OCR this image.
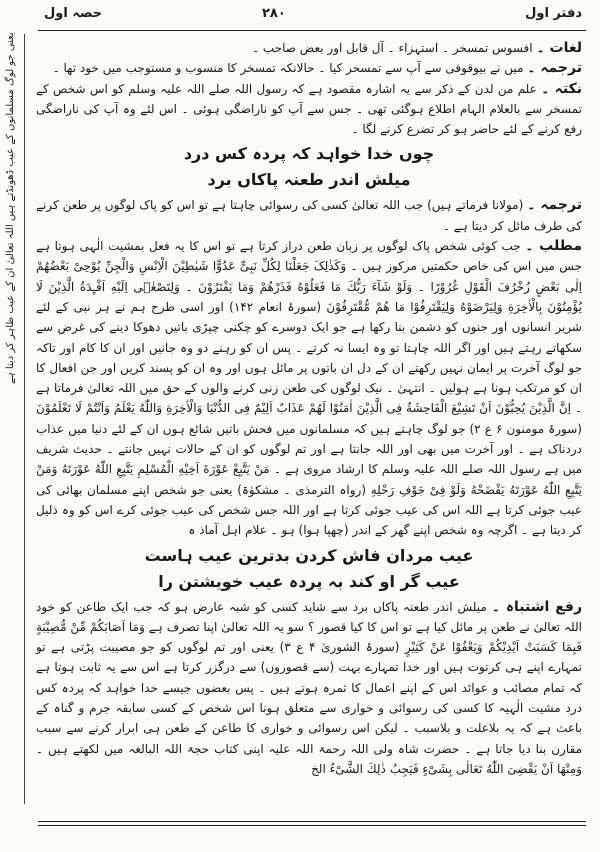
دفتر اول
۲۸۰
حصہ اول
یعنی جو لوگ مسلمانوں کے عیب ڈھونڈتے ہیں اللہ تعالیٰ ان کے عیب ظاہر کر دیتا ہے	لغات ۔ افسوس تمسخر ۔ استہزاء ۔ آل قابل اور بعض صاحب ۔

ترجمہ ۔ میں نے بیوقوفی سے آپ سے تمسخر کیا ۔ حالانکہ تمسخر کا منسوب و مستوجب میں خود تھا ۔

نکتہ ۔ علم من لدن کے ذکر سے یہ اشارہ مقصود ہے کہ رسول اللہ صلے اللہ علیہ وسلم کو اس شخص کے تمسخر سے بالعلام الہام اطلاع ہوگئی تھی ۔ جس سے آپ کو ناراضگی ہوئی ۔ اس لئے وہ آپ کی ناراضگی رفع کرنے کے لئے حاضر ہو کر تضرع کرنے لگا ۔

چوں خدا خواہد کہ پردہ کس درد میلش اندر طعنہ پاکاں برد

ترجمہ ۔ (مولانا فرماتے ہیں) جب اللہ تعالیٰ کسی کی رسوائی چاہتا ہے تو اس کو پاک لوگوں پر طعن کرنے کی طرف مائل کر دیتا ہے ۔

مطلب ۔ جب کوئی شخص پاک لوگوں پر زبان طعن دراز کرتا ہے تو اس کا یہ فعل بمشیت الٰہی ہوتا ہے جس میں اس کی خاص حکمتیں مرکوز ہیں ۔ وَکَذٰلِکَ جَعَلْنَا لِکُلِّ نَبِیٍّ عَدُوًّا شَیٰطِیْنَ الْاِنْسِ وَالْجِنِّ یُوْحِیْ بَعْضُهُمْ اِلٰی بَعْضٍ زُخْرُفَ الْقَوْلِ غُرُوْرًا ۔ وَلَوْ شَآءَ رَبُّكَ مَا فَعَلُوْهُ فَذَرْهُمْ وَمَا یَفْتَرُوْنَ ۔ وَلِتَصْغٰۤی اِلَیْهِ اَفْـِٕدَةُ الَّذِیْنَ لَا یُؤْمِنُوْنَ بِالْاٰخِرَةِ وَلِیَرْضَوْهُ وَلِیَقْتَرِفُوْا مَا هُمْ مُّقْتَرِفُوْنَ (سورۂ انعام ۱۴۲) اور اسی طرح ہم نے ہر نبی کے لئے شریر انسانوں اور جنوں کو دشمن بنا رکھا ہے جو ایک دوسرے کو چکنی چپڑی باتیں دھوکا دینے کی غرض سے سکھاتے رہتے ہیں اور اگر اللہ چاہتا تو وہ ایسا نہ کرتے ۔ پس ان کو رہنے دو وہ جانیں اور ان کا کام اور تاکہ جو لوگ آخرت پر ایمان نہیں رکھتے ان کے دل ان باتوں پر مائل ہوں اور وہ ان کو پسند کریں اور جن افعال کا ان کو مرتکب ہونا ہے ہولیں ۔ انتہیٰ ۔ نیک لوگوں کی طعن زنی کرنے والوں کے حق میں اللہ تعالیٰ فرماتا ہے ۔ اِنَّ الَّذِیْنَ یُحِبُّوْنَ اَنْ تَشِیْعَ الْفَاحِشَةُ فِی الَّذِیْنَ اٰمَنُوْا لَهُمْ عَذَابٌ اَلِیْمٌ فِی الدُّنْیَا وَالْاٰخِرَةِ وَاللّٰهُ یَعْلَمُ وَاَنْتُمْ لَا تَعْلَمُوْنَ (سورۂ مومنون ۶ ع ۲) جو لوگ چاہتے ہیں کہ مسلمانوں میں فحش باتیں شائع ہوں ان کے لئے دنیا میں عذاب دردناک ہے ۔ اور آخرت میں بھی اور اللہ جانتا ہے اور تم لوگوں کو ان کے حالات نہیں جانتے ۔ حدیث شریف میں ہے رسول اللہ صلے اللہ علیہ وسلم کا ارشاد مروی ہے ۔ مَنْ یَتَّبِعْ عَوْرَةَ اَخِیْهِ الْمُسْلِمِ یَتَّبِعِ اللّٰهُ عَوْرَتَهُ وَمَنْ یَتَّبِعِ اللّٰهُ عَوْرَتَهُ یَفْضَحْهُ وَلَوْ فِیْ جَوْفِ رَحْلِهِ (رواہ الترمذی ۔ مشکوٰۃ) یعنی جو شخص اپنے مسلمان بھائی کی عیب جوئی کرتا ہے اللہ اس کی عیب جوئی کرتا ہے اور اللہ جس شخص کی عیب جوئی کرے اس کو وہ ذلیل کر دیتا ہے ۔ اگرچہ وہ شخص اپنے گھر کے اندر (چھپا ہوا) ہو ۔ علام اہل آماذ ہ

عیب مردان فاش کردن بدترین عیب ہاست عیب گر او کند بہ پردہ عیب خویشتن را

رفع اشتباہ ۔ میلش اندر طعنہ پاکاں برد سے شاید کسی کو شبہ عارض ہو کہ جب ایک طاعن کو خود اللہ تعالیٰ نے طعن پر مائل کیا ہے تو اس کا کیا قصور ؟ سو یہ اللہ تعالیٰ اپنا تصرف ہے وَمَا اَصَابَكُمْ مِّنْ مُّصِیْبَةٍ فَبِمَا كَسَبَتْ اَیْدِیْكُمْ وَیَعْفُوْا عَنْ كَثِیْرٍ (سورۂ الشوریٰ ۴ ع ۳) یعنی اور تم لوگوں کو جو مصیبت پڑتی ہے تو تمہارے اپنے ہی کرتوت ہیں اور خدا تمہارے بہت (سے قصوروں) سے درگزر کرتا ہے اس سے یہ ثابت ہوتا ہے کہ تمام مصائب و عوائد اس کے اپنے اعمال کا ثمرہ ہوتے ہیں ۔ پس بعضوں جیسے خدا خواہد کہ پردہ کس درد مشیت الٰہیہ کا کسی کی رسوائی و خواری سے متعلق ہونا اس شخص کے کسی سابقہ جرم و گناہ کے باعث ہے کہ یہ بلاعلت و بلاسبب ۔ لیکن اس رسوائی و خواری کا طاعن کے طعن ہی ابرار کرنے سے سبب مقارن بنا دیا جاتا ہے ۔ حضرت شاہ ولی اللہ رحمۃ اللہ علیہ اپنی کتاب حجۃ اللہ البالغہ میں لکھتے ہیں ۔ وَمِنْهَا اَنْ یَقْضِیَ اللّٰهُ تَعَالٰی بِشَیْءٍ فَیَجِبُ ذٰلِكَ الشَّیْءُ الخ
